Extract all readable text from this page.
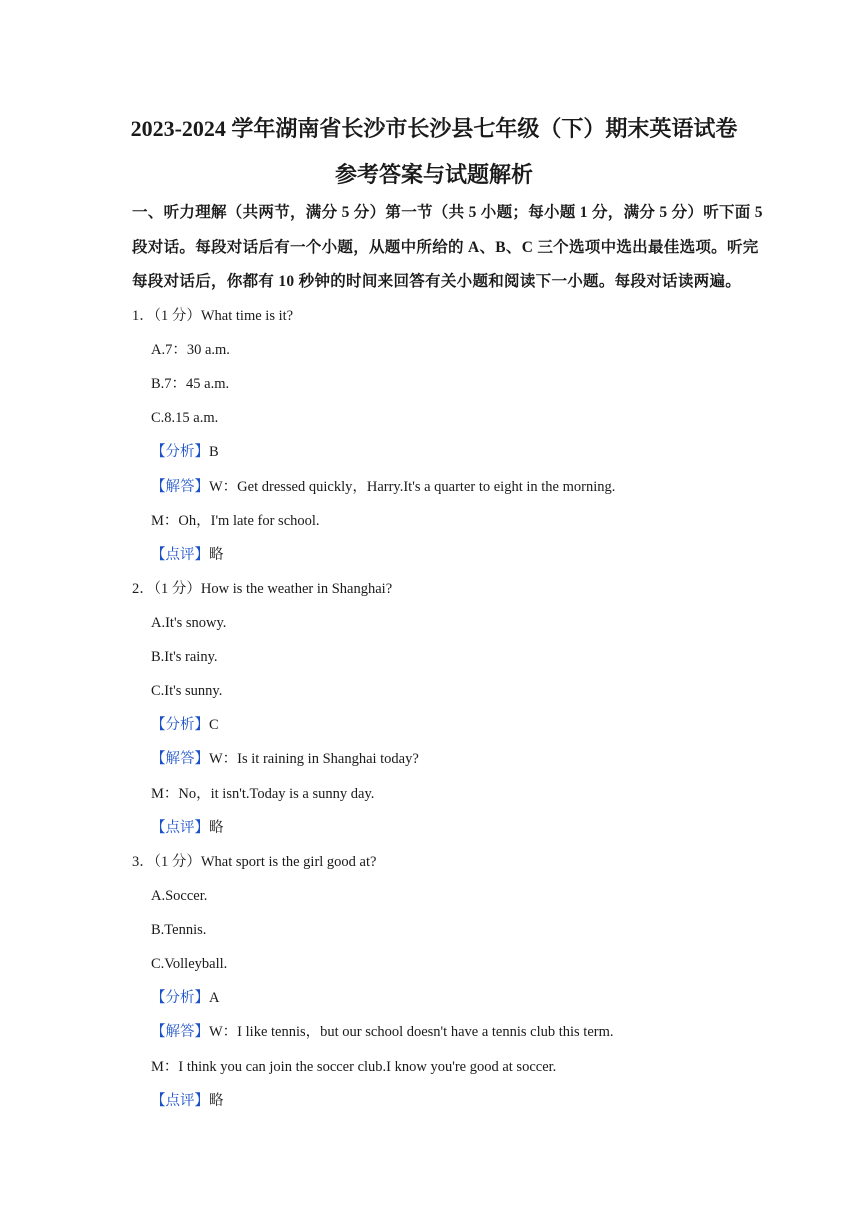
2023-2024 学年湖南省长沙市长沙县七年级（下）期末英语试卷
参考答案与试题解析
一、听力理解（共两节，满分 5 分）第一节（共 5 小题；每小题 1 分，满分 5 分）听下面 5
段对话。每段对话后有一个小题，从题中所给的 A、B、C 三个选项中选出最佳选项。听完
每段对话后，你都有 10 秒钟的时间来回答有关小题和阅读下一小题。每段对话读两遍。
1．（1 分）What time is it?
A.7：30 a.m.
B.7：45 a.m.
C.8.15 a.m.
【分析】B
【解答】W：Get dressed quickly，Harry.It's a quarter to eight in the morning.
M：Oh，I'm late for school.
【点评】略
2．（1 分）How is the weather in Shanghai?
A.It's snowy.
B.It's rainy.
C.It's sunny.
【分析】C
【解答】W：Is it raining in Shanghai today?
M：No，it isn't.Today is a sunny day.
【点评】略
3．（1 分）What sport is the girl good at?
A.Soccer.
B.Tennis.
C.Volleyball.
【分析】A
【解答】W：I like tennis，but our school doesn't have a tennis club this term.
M：I think you can join the soccer club.I know you're good at soccer.
【点评】略
